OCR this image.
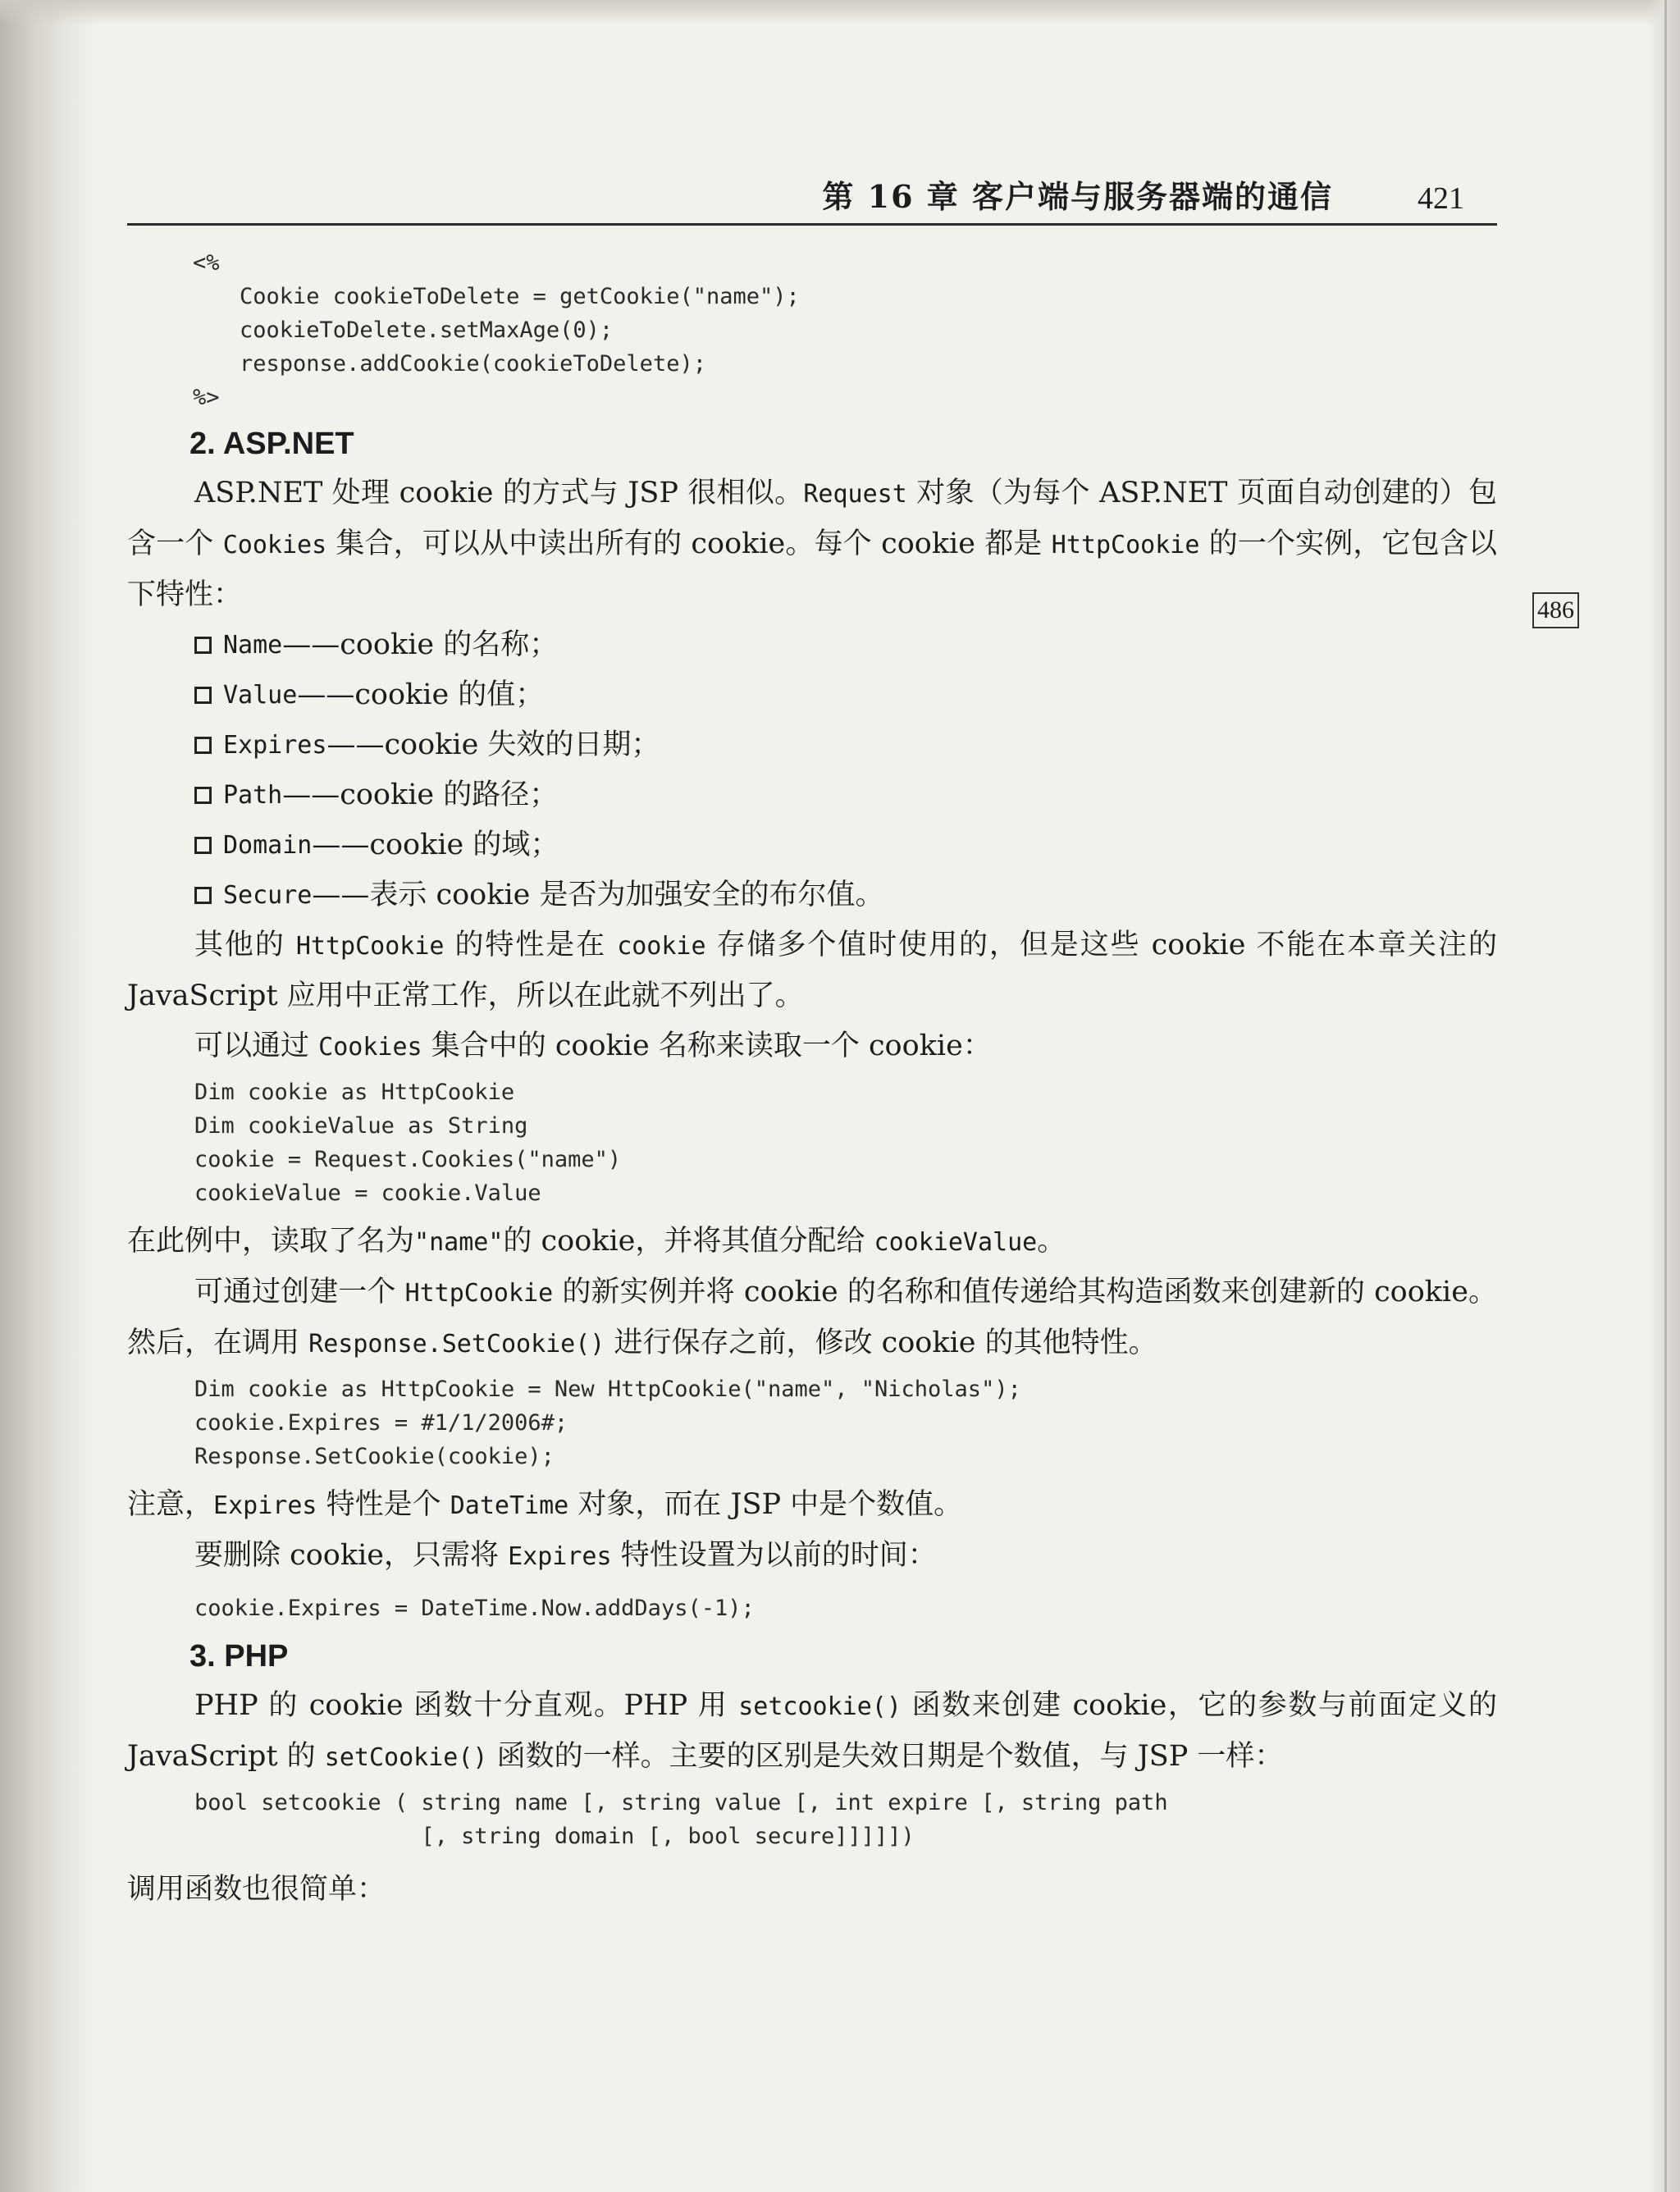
第 16 章 客户端与服务器端的通信	421
486
<%
Cookie cookieToDelete = getCookie("name");
cookieToDelete.setMaxAge(0);
response.addCookie(cookieToDelete);
%>
2. ASP.NET

ASP.NET 处理 cookie 的方式与 JSP 很相似。Request 对象（为每个 ASP.NET 页面自动创建的）包含一个 Cookies 集合，可以从中读出所有的 cookie。每个 cookie 都是 HttpCookie 的一个实例，它包含以下特性：

Name ——cookie 的名称；
Value ——cookie 的值；
Expires ——cookie 失效的日期；
Path ——cookie 的路径；
Domain ——cookie 的域；
Secure ——表示 cookie 是否为加强安全的布尔值。

其他的 HttpCookie 的特性是在 cookie 存储多个值时使用的，但是这些 cookie 不能在本章关注的 JavaScript 应用中正常工作，所以在此就不列出了。

可以通过 Cookies 集合中的 cookie 名称来读取一个 cookie：

Dim cookie as HttpCookie
Dim cookieValue as String
cookie = Request.Cookies("name")
cookieValue = cookie.Value

在此例中，读取了名为"name"的 cookie，并将其值分配给 cookieValue。

可通过创建一个 HttpCookie 的新实例并将 cookie 的名称和值传递给其构造函数来创建新的 cookie。然后，在调用 Response.SetCookie() 进行保存之前，修改 cookie 的其他特性。

Dim cookie as HttpCookie = New HttpCookie("name", "Nicholas");
cookie.Expires = #1/1/2006#;
Response.SetCookie(cookie);

注意，Expires 特性是个 DateTime 对象，而在 JSP 中是个数值。

要删除 cookie，只需将 Expires 特性设置为以前的时间：

cookie.Expires = DateTime.Now.addDays(-1);
3. PHP

PHP 的 cookie 函数十分直观。PHP 用 setcookie() 函数来创建 cookie，它的参数与前面定义的 JavaScript 的 setCookie() 函数的一样。主要的区别是失效日期是个数值，与 JSP 一样：

bool setcookie ( string name [, string value [, int expire [, string path
[, string domain [, bool secure]]]]])

调用函数也很简单：
